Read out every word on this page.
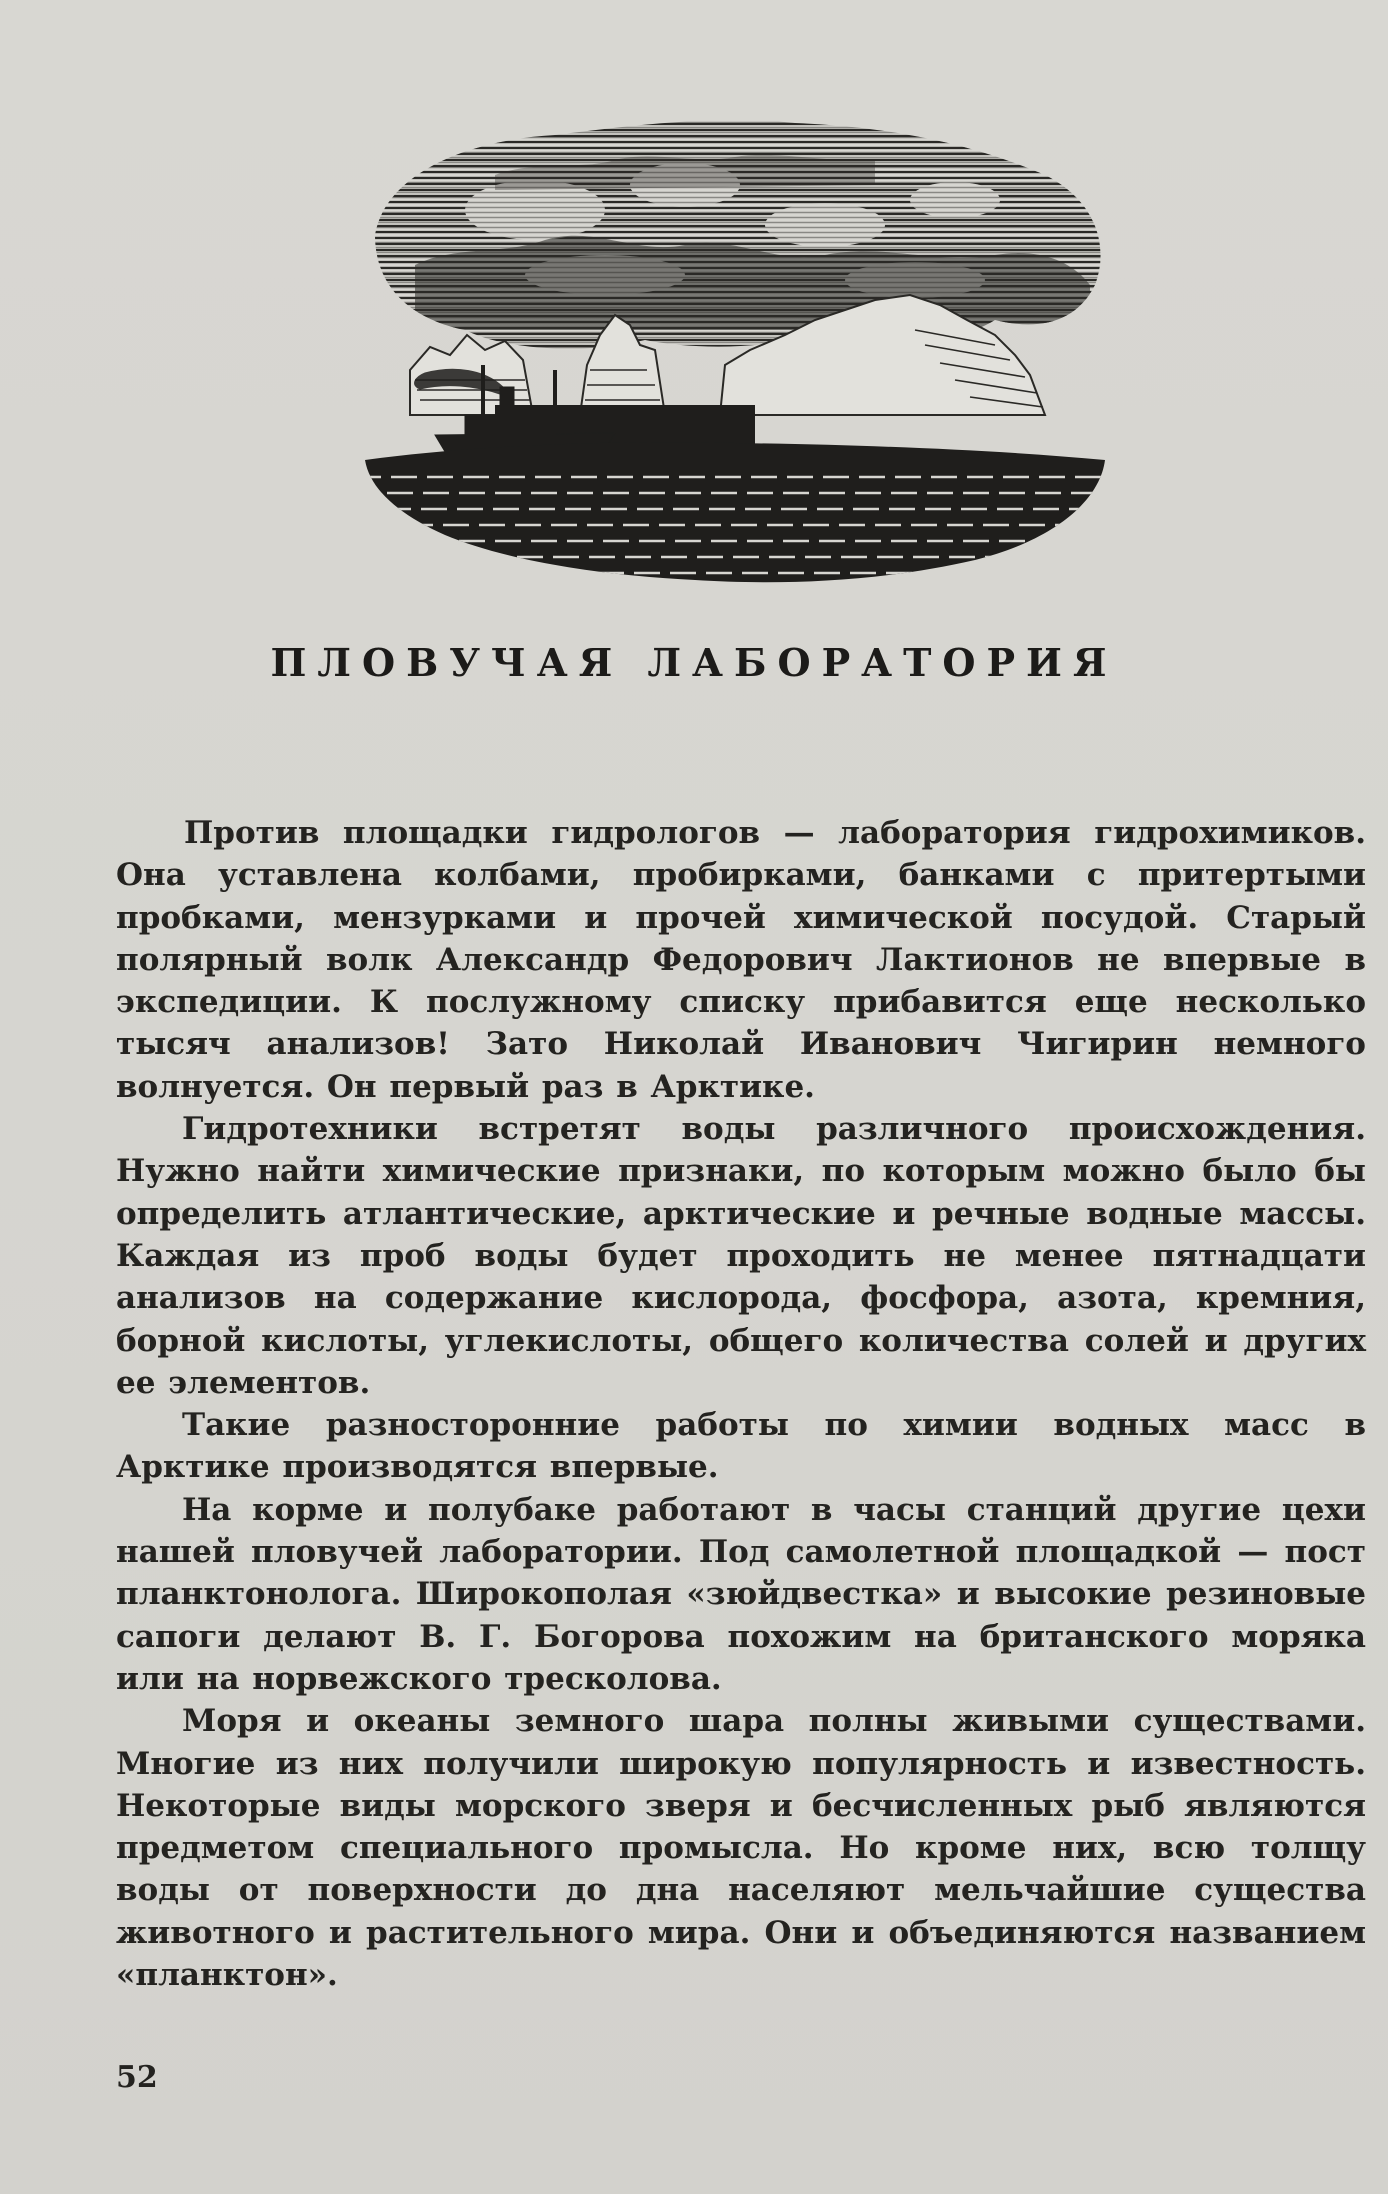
ПЛОВУЧАЯ ЛАБОРАТОРИЯ

Против площадки гидрологов — лаборатория гидрохимиков. Она уставлена колбами, пробирками, банками с притертыми пробками, мензурками и прочей химической посудой. Старый полярный волк Александр Федорович Лактионов не впервые в экспедиции. К послужному списку прибавится еще несколько тысяч анализов! Зато Николай Иванович Чигирин немного волнуется. Он первый раз в Арктике.

Гидротехники встретят воды различного происхождения. Нужно найти химические признаки, по которым можно было бы определить атлантические, арктические и речные водные массы. Каждая из проб воды будет проходить не менее пятнадцати анализов на содержание кислорода, фосфора, азота, кремния, борной кислоты, углекислоты, общего количества солей и других ее элементов.

Такие разносторонние работы по химии водных масс в Арктике производятся впервые.

На корме и полубаке работают в часы станций другие цехи нашей пловучей лаборатории. Под самолетной площадкой — пост планктонолога. Широкополая «зюйдвестка» и высокие резиновые сапоги делают В. Г. Богорова похожим на британского моряка или на норвежского тресколова.

Моря и океаны земного шара полны живыми существами. Многие из них получили широкую популярность и известность. Некоторые виды морского зверя и бесчисленных рыб являются предметом специального промысла. Но кроме них, всю толщу воды от поверхности до дна населяют мельчайшие существа животного и растительного мира. Они и объединяются названием «планктон».

52
